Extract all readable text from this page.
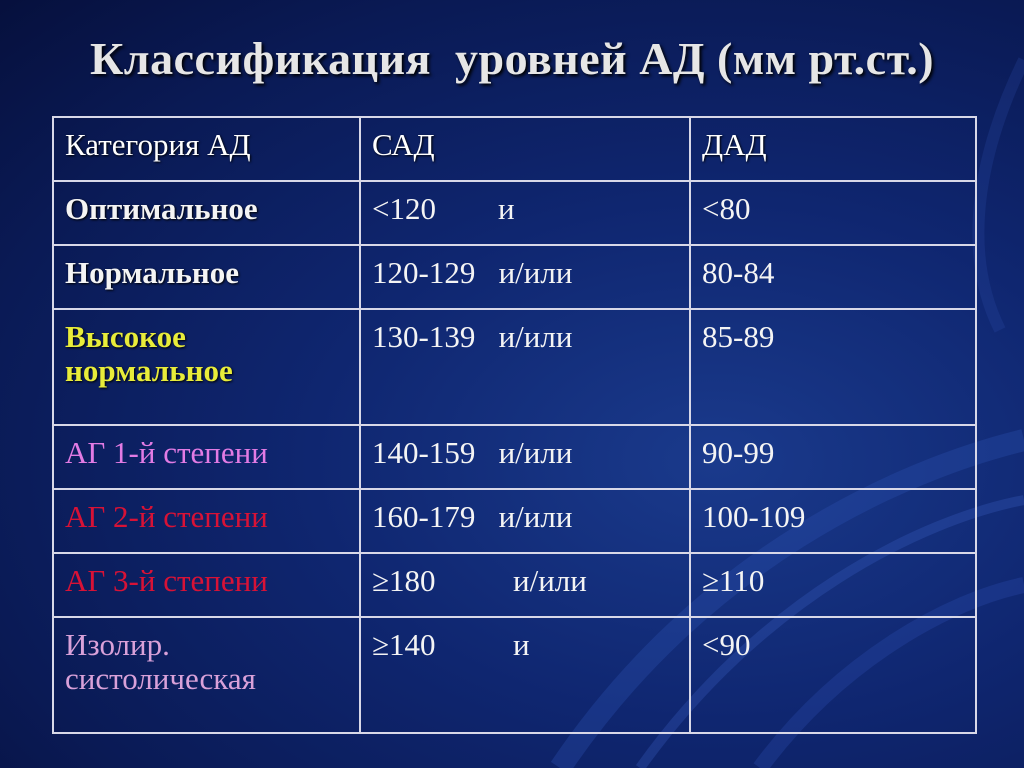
Классификация  уровней АД (мм рт.ст.)
Категория АД	САД	ДАД
Оптимальное	<120        и	<80
Нормальное	120-129   и/или	80-84
Высокое нормальное	130-139   и/или	85-89
АГ 1-й степени	140-159   и/или	90-99
АГ 2-й степени	160-179   и/или	100-109
АГ 3-й степени	≥180          и/или	≥110
Изолир. систолическая	≥140          и	<90
